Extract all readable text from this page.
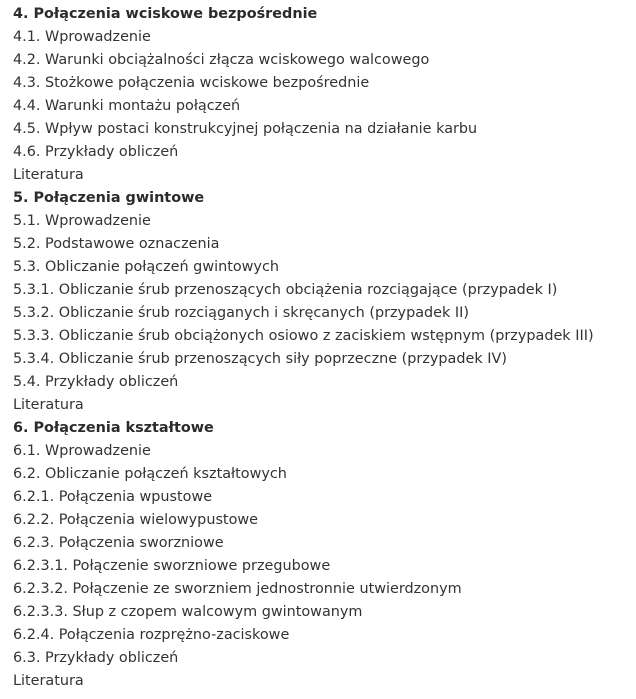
4. Połączenia wciskowe bezpośrednie
4.1. Wprowadzenie
4.2. Warunki obciążalności złącza wciskowego walcowego
4.3. Stożkowe połączenia wciskowe bezpośrednie
4.4. Warunki montażu połączeń
4.5. Wpływ postaci konstrukcyjnej połączenia na działanie karbu
4.6. Przykłady obliczeń
Literatura
5. Połączenia gwintowe
5.1. Wprowadzenie
5.2. Podstawowe oznaczenia
5.3. Obliczanie połączeń gwintowych
5.3.1. Obliczanie śrub przenoszących obciążenia rozciągające (przypadek I)
5.3.2. Obliczanie śrub rozciąganych i skręcanych (przypadek II)
5.3.3. Obliczanie śrub obciążonych osiowo z zaciskiem wstępnym (przypadek III)
5.3.4. Obliczanie śrub przenoszących siły poprzeczne (przypadek IV)
5.4. Przykłady obliczeń
Literatura
6. Połączenia kształtowe
6.1. Wprowadzenie
6.2. Obliczanie połączeń kształtowych
6.2.1. Połączenia wpustowe
6.2.2. Połączenia wielowypustowe
6.2.3. Połączenia sworzniowe
6.2.3.1. Połączenie sworzniowe przegubowe
6.2.3.2. Połączenie ze sworzniem jednostronnie utwierdzonym
6.2.3.3. Słup z czopem walcowym gwintowanym
6.2.4. Połączenia rozprężno-zaciskowe
6.3. Przykłady obliczeń
Literatura
